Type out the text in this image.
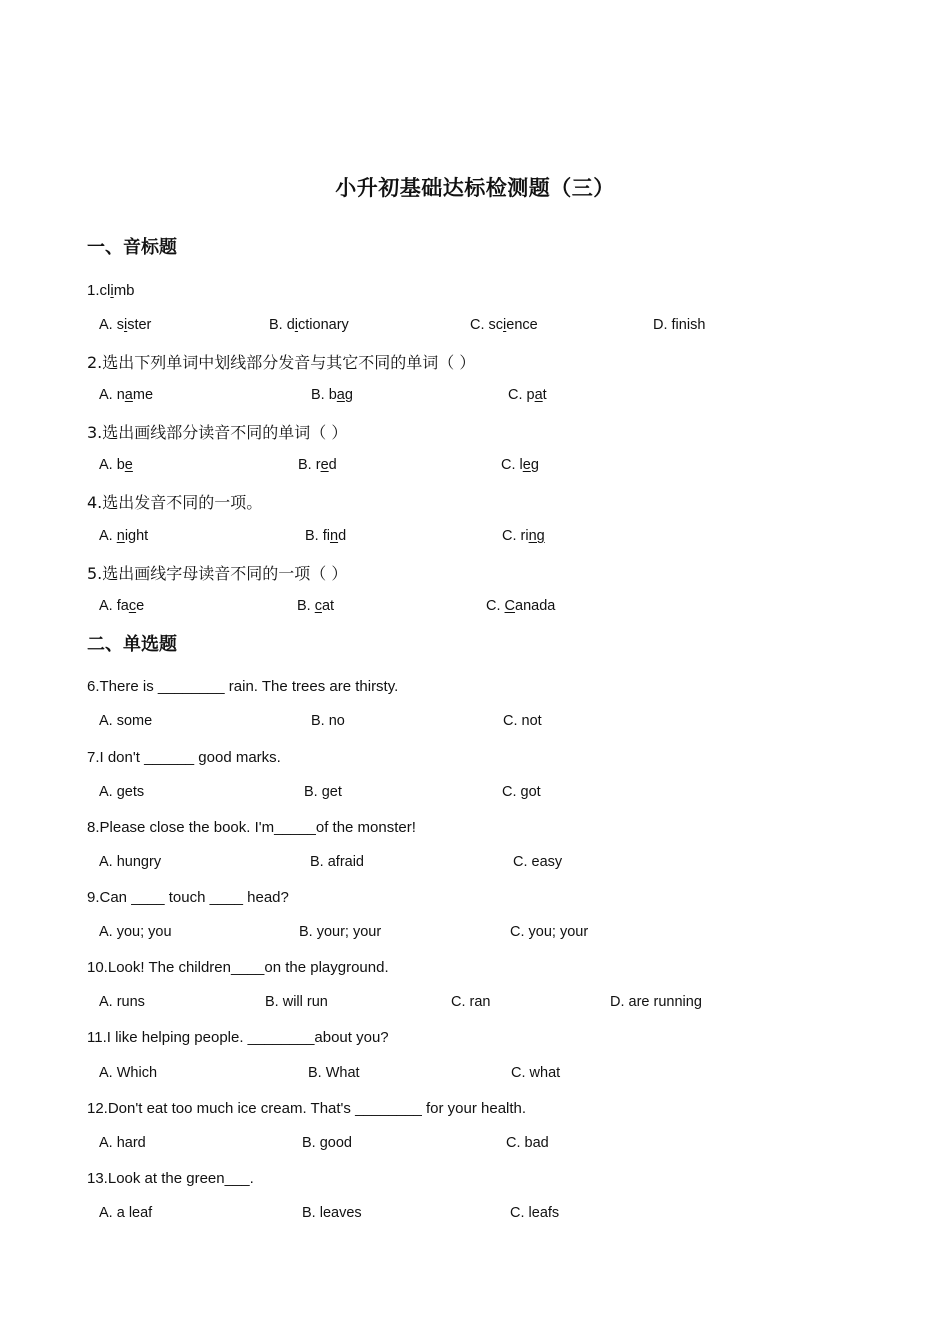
小升初基础达标检测题（三）
一、音标题
1.climb
A. sister	B. dictionary	C. science	D. finish
2.选出下列单词中划线部分发音与其它不同的单词（ ）
A. name	B. bag	C. pat
3.选出画线部分读音不同的单词（ ）
A. be	B. red	C. leg
4.选出发音不同的一项。
A. night	B. find	C. ring
5.选出画线字母读音不同的一项（ ）
A. face	B. cat	C. Canada
二、单选题
6.There is ________ rain. The trees are thirsty.
A. some	B. no	C. not
7.I don't ______ good marks.
A. gets	B. get	C. got
8.Please close the book. I'm_____of the monster!
A. hungry	B. afraid	C. easy
9.Can ____ touch ____ head?
A. you; you	B. your; your	C. you; your
10.Look! The children____on the playground.
A. runs	B. will run	C. ran	D. are running
11.I like helping people. ________about you?
A. Which	B. What	C. what
12.Don't eat too much ice cream. That's ________ for your health.
A. hard	B. good	C. bad
13.Look at the green___.
A. a leaf	B. leaves	C. leafs
